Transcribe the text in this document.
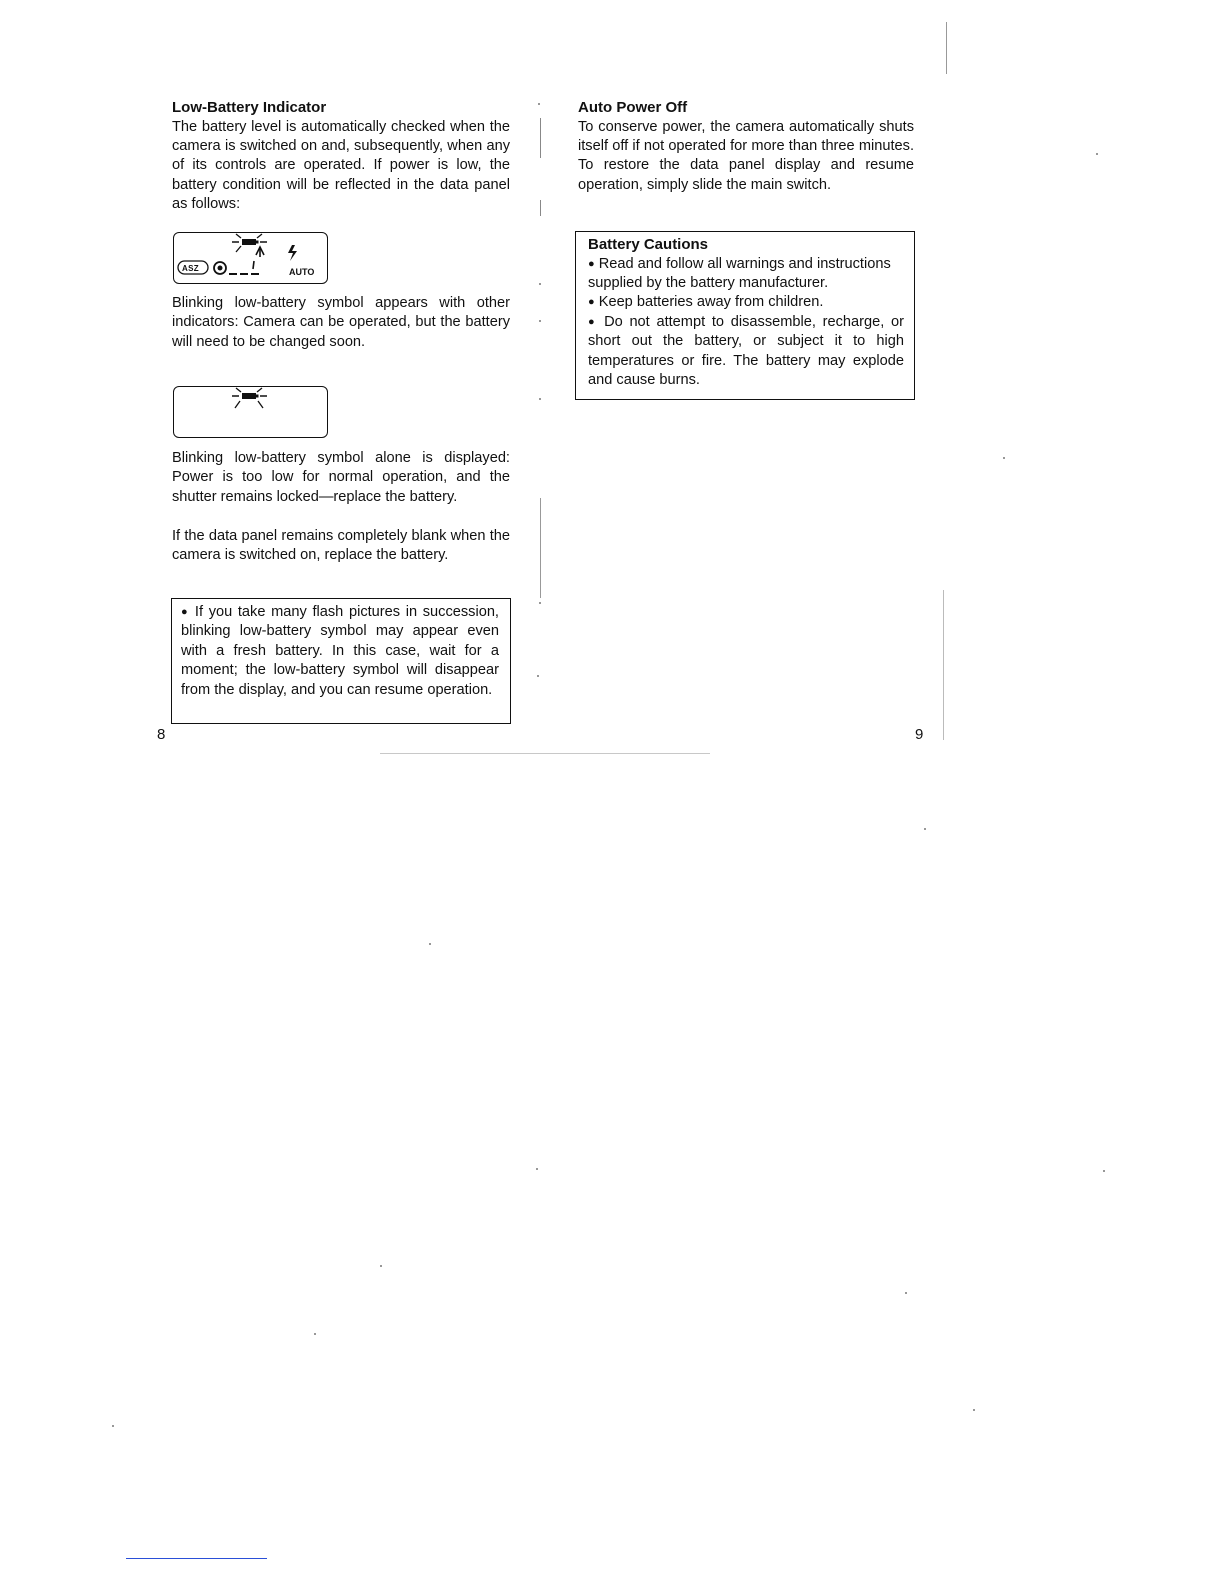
Low-Battery Indicator

The battery level is automatically checked when the camera is switched on and, subsequently, when any of its controls are operated. If power is low, the battery condition will be reflected in the data panel as follows:

ASZ	AUTO

Blinking low-battery symbol appears with other indicators: Camera can be operated, but the battery will need to be changed soon.

Blinking low-battery symbol alone is displayed: Power is too low for normal operation, and the shutter remains locked—replace the battery.

If the data panel remains completely blank when the camera is switched on, replace the battery.

● If you take many flash pictures in succession, blinking low-battery symbol may appear even with a fresh battery. In this case, wait for a moment; the low-battery symbol will disappear from the display, and you can resume operation.

Auto Power Off

To conserve power, the camera automatically shuts itself off if not operated for more than three minutes. To restore the data panel display and resume operation, simply slide the main switch.

Battery Cautions

● Read and follow all warnings and instructions supplied by the battery manufacturer.

● Keep batteries away from children.

● Do not attempt to disassemble, recharge, or short out the battery, or subject it to high temperatures or fire. The battery may explode and cause burns.

8	9
